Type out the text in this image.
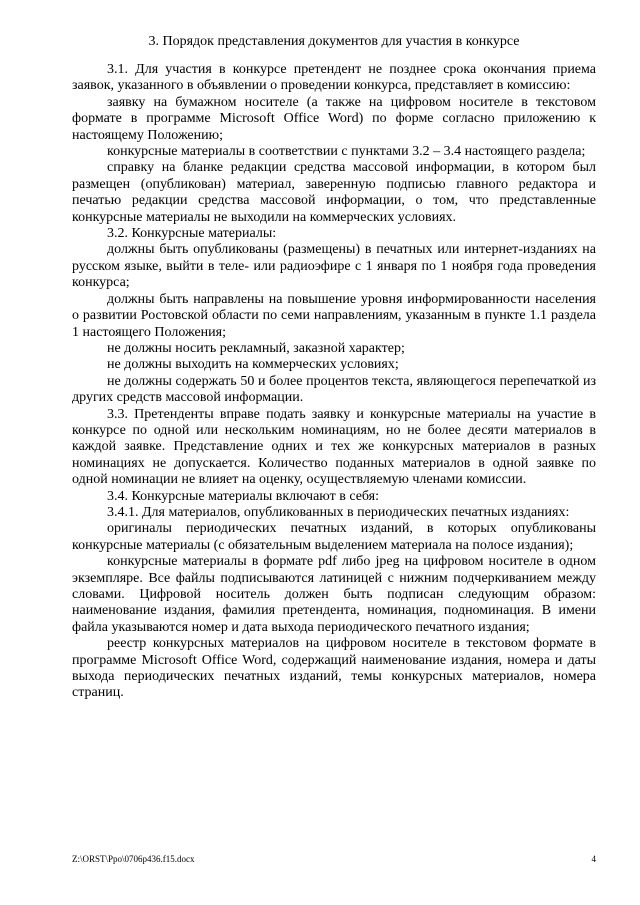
3. Порядок представления документов для участия в конкурсе

3.1. Для участия в конкурсе претендент не позднее срока окончания приема заявок, указанного в объявлении о проведении конкурса, представляет в комиссию:

заявку на бумажном носителе (а также на цифровом носителе в текстовом формате в программе Microsoft Office Word) по форме согласно приложению к настоящему Положению;

конкурсные материалы в соответствии с пунктами 3.2 – 3.4 настоящего раздела;

справку на бланке редакции средства массовой информации, в котором был размещен (опубликован) материал, заверенную подписью главного редактора и печатью редакции средства массовой информации, о том, что представленные конкурсные материалы не выходили на коммерческих условиях.

3.2. Конкурсные материалы:

должны быть опубликованы (размещены) в печатных или интернет-изданиях на русском языке, выйти в теле- или радиоэфире с 1 января по 1 ноября года проведения конкурса;

должны быть направлены на повышение уровня информированности населения о развитии Ростовской области по семи направлениям, указанным в пункте 1.1 раздела 1 настоящего Положения;

не должны носить рекламный, заказной характер;

не должны выходить на коммерческих условиях;

не должны содержать 50 и более процентов текста, являющегося перепечаткой из других средств массовой информации.

3.3. Претенденты вправе подать заявку и конкурсные материалы на участие в конкурсе по одной или нескольким номинациям, но не более десяти материалов в каждой заявке. Представление одних и тех же конкурсных материалов в разных номинациях не допускается. Количество поданных материалов в одной заявке по одной номинации не влияет на оценку, осуществляемую членами комиссии.

3.4. Конкурсные материалы включают в себя:

3.4.1. Для материалов, опубликованных в периодических печатных изданиях:

оригиналы периодических печатных изданий, в которых опубликованы конкурсные материалы (с обязательным выделением материала на полосе издания);

конкурсные материалы в формате pdf либо jpeg на цифровом носителе в одном экземпляре. Все файлы подписываются латиницей с нижним подчеркиванием между словами. Цифровой носитель должен быть подписан следующим образом: наименование издания, фамилия претендента, номинация, подноминация. В имени файла указываются номер и дата выхода периодического печатного издания;

реестр конкурсных материалов на цифровом носителе в текстовом формате в программе Microsoft Office Word, содержащий наименование издания, номера и даты выхода периодических печатных изданий, темы конкурсных материалов, номера страниц.

Z:\ORST\Ppo\0706p436.f15.docx	4
